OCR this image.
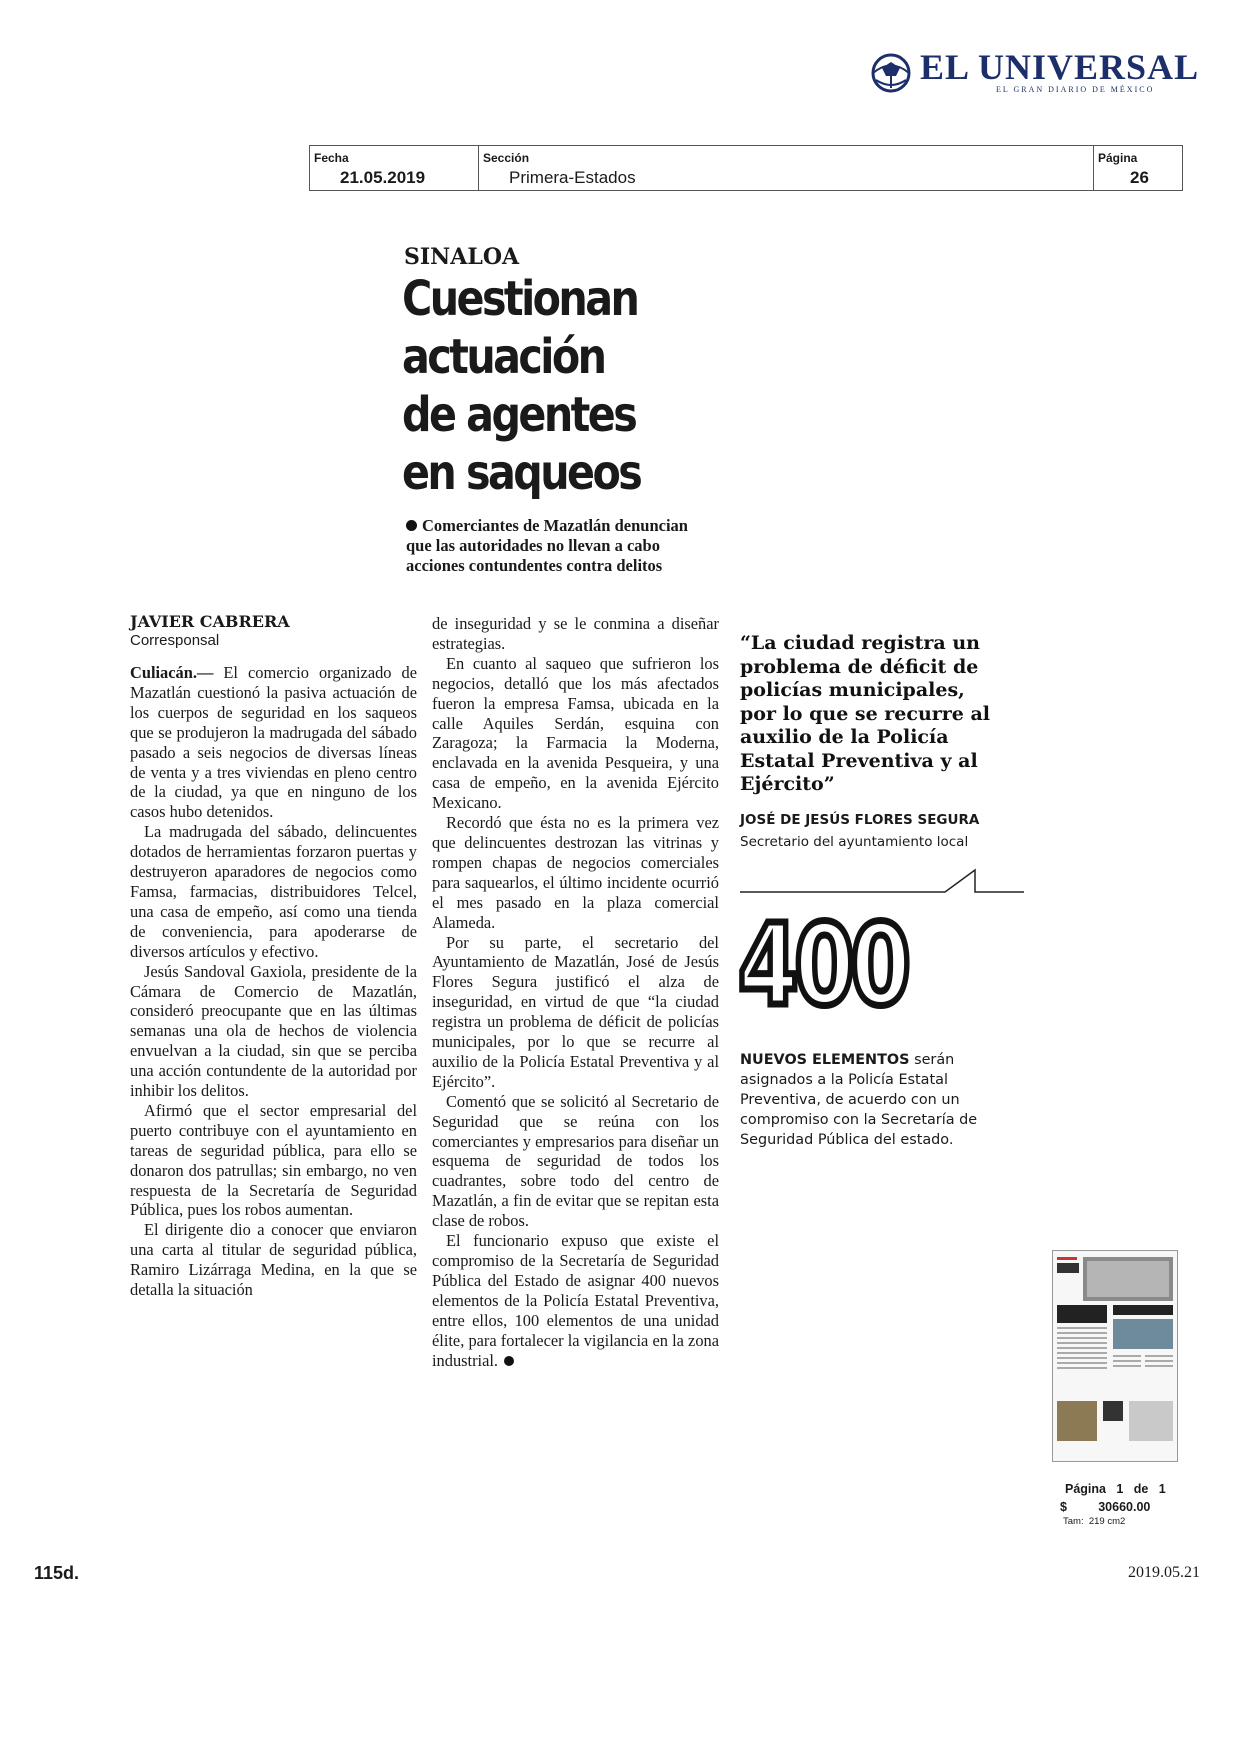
EL UNIVERSAL
EL GRAN DIARIO DE MÉXICO
Fecha
21.05.2019
Sección
Primera-Estados
Página
26
SINALOA
Cuestionan
actuación
de agentes
en saqueos
Comerciantes de Mazatlán denuncian que las autoridades no llevan a cabo acciones contundentes contra delitos
JAVIER CABRERA
Corresponsal

Culiacán.— El comercio organizado de Mazatlán cuestionó la pasiva actuación de los cuerpos de seguridad en los saqueos que se produjeron la madrugada del sábado pasado a seis negocios de diversas líneas de venta y a tres viviendas en pleno centro de la ciudad, ya que en ninguno de los casos hubo detenidos.

La madrugada del sábado, delincuentes dotados de herramientas forzaron puertas y destruyeron aparadores de negocios como Famsa, farmacias, distribuidores Telcel, una casa de empeño, así como una tienda de conveniencia, para apoderarse de diversos artículos y efectivo.

Jesús Sandoval Gaxiola, presidente de la Cámara de Comercio de Mazatlán, consideró preocupante que en las últimas semanas una ola de hechos de violencia envuelvan a la ciudad, sin que se perciba una acción contundente de la autoridad por inhibir los delitos.

Afirmó que el sector empresarial del puerto contribuye con el ayuntamiento en tareas de seguridad pública, para ello se donaron dos patrullas; sin embargo, no ven respuesta de la Secretaría de Seguridad Pública, pues los robos aumentan.

El dirigente dio a conocer que enviaron una carta al titular de seguridad pública, Ramiro Lizárraga Medina, en la que se detalla la situación

de inseguridad y se le conmina a diseñar estrategias.

En cuanto al saqueo que sufrieron los negocios, detalló que los más afectados fueron la empresa Famsa, ubicada en la calle Aquiles Serdán, esquina con Zaragoza; la Farmacia la Moderna, enclavada en la avenida Pesqueira, y una casa de empeño, en la avenida Ejército Mexicano.

Recordó que ésta no es la primera vez que delincuentes destrozan las vitrinas y rompen chapas de negocios comerciales para saquearlos, el último incidente ocurrió el mes pasado en la plaza comercial Alameda.

Por su parte, el secretario del Ayuntamiento de Mazatlán, José de Jesús Flores Segura justificó el alza de inseguridad, en virtud de que “la ciudad registra un problema de déficit de policías municipales, por lo que se recurre al auxilio de la Policía Estatal Preventiva y al Ejército”.

Comentó que se solicitó al Secretario de Seguridad que se reúna con los comerciantes y empresarios para diseñar un esquema de seguridad de todos los cuadrantes, sobre todo del centro de Mazatlán, a fin de evitar que se repitan esta clase de robos.

El funcionario expuso que existe el compromiso de la Secretaría de Seguridad Pública del Estado de asignar 400 nuevos elementos de la Policía Estatal Preventiva, entre ellos, 100 elementos de una unidad élite, para fortalecer la vigilancia en la zona industrial.

“La ciudad registra un problema de déficit de policías municipales, por lo que se recurre al auxilio de la Policía Estatal Preventiva y al Ejército”
JOSÉ DE JESÚS FLORES SEGURA
Secretario del ayuntamiento local
400
NUEVOS ELEMENTOS serán asignados a la Policía Estatal Preventiva, de acuerdo con un compromiso con la Secretaría de Seguridad Pública del estado.
Página   1   de   1
$         30660.00
Tam:  219 cm2
115d.	2019.05.21
